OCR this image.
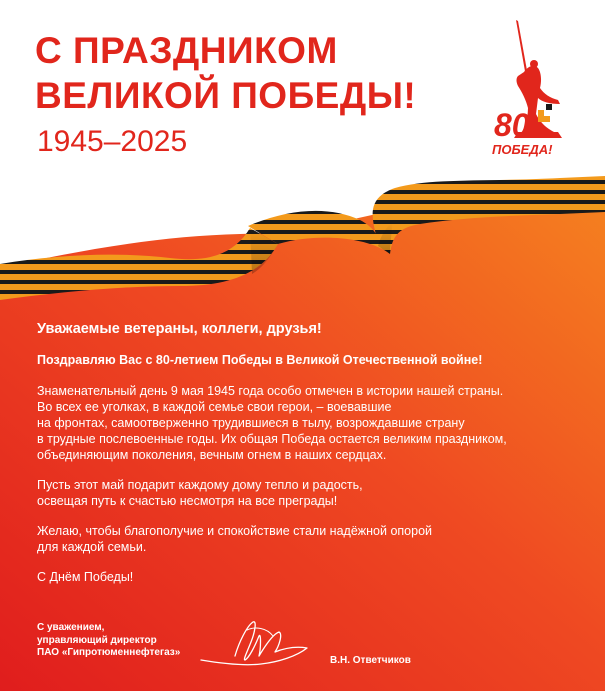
С ПРАЗДНИКОМ
ВЕЛИКОЙ ПОБЕДЫ!
1945–2025	80
ПОБЕДА!

Уважаемые ветераны, коллеги, друзья!

Поздравляю Вас с 80-летием Победы в Великой Отечественной войне!

Знаменательный день 9 мая 1945 года особо отмечен в истории нашей страны.
Во всех ее уголках, в каждой семье свои герои, – воевавшие
на фронтах, самоотверженно трудившиеся в тылу, возрождавшие страну
в трудные послевоенные годы. Их общая Победа остается великим праздником,
объединяющим поколения, вечным огнем в наших сердцах.

Пусть этот май подарит каждому дому тепло и радость,
освещая путь к счастью несмотря на все преграды!

Желаю, чтобы благополучие и спокойствие стали надёжной опорой
для каждой семьи.

С Днём Победы!

С уважением,
управляющий директор
ПАО «Гипротюменнефтегаз»
В.Н. Ответчиков
